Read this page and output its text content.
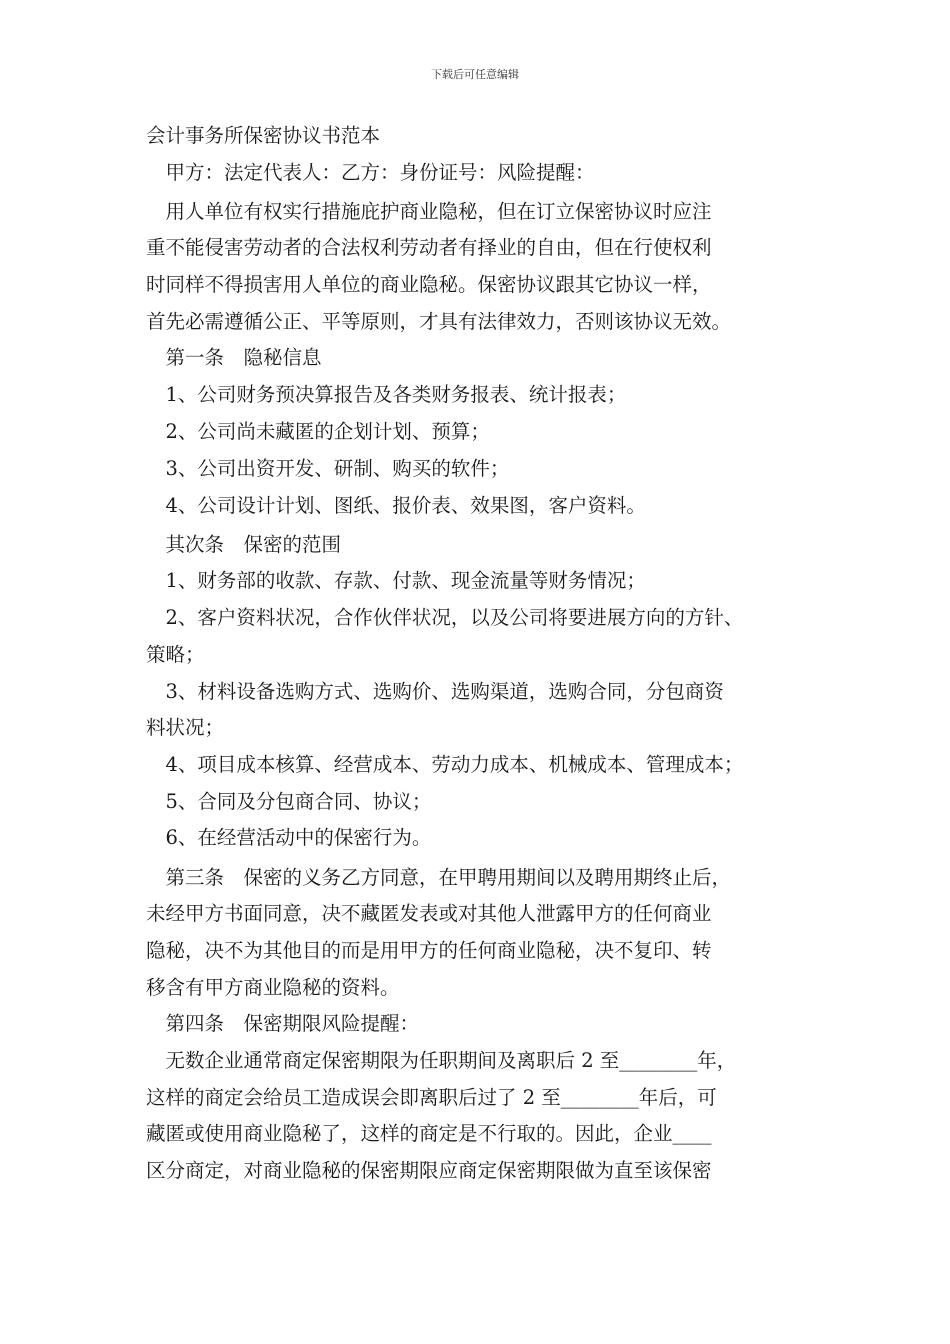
下载后可任意编辑
会计事务所保密协议书范本
　甲方：法定代表人：乙方：身份证号：风险提醒：
　用人单位有权实行措施庇护商业隐秘，但在订立保密协议时应注
重不能侵害劳动者的合法权利劳动者有择业的自由，但在行使权利
时同样不得损害用人单位的商业隐秘。保密协议跟其它协议一样，
首先必需遵循公正、平等原则，才具有法律效力，否则该协议无效。
　第一条　隐秘信息
　1、公司财务预决算报告及各类财务报表、统计报表；
　2、公司尚未藏匿的企划计划、预算；
　3、公司出资开发、研制、购买的软件；
　4、公司设计计划、图纸、报价表、效果图，客户资料。
　其次条　保密的范围
　1、财务部的收款、存款、付款、现金流量等财务情况；
　2、客户资料状况，合作伙伴状况，以及公司将要进展方向的方针、
策略；
　3、材料设备选购方式、选购价、选购渠道，选购合同，分包商资
料状况；
　4、项目成本核算、经营成本、劳动力成本、机械成本、管理成本；
　5、合同及分包商合同、协议；
　6、在经营活动中的保密行为。
　第三条　保密的义务乙方同意，在甲聘用期间以及聘用期终止后，
未经甲方书面同意，决不藏匿发表或对其他人泄露甲方的任何商业
隐秘，决不为其他目的而是用甲方的任何商业隐秘，决不复印、转
移含有甲方商业隐秘的资料。
　第四条　保密期限风险提醒：
　无数企业通常商定保密期限为任职期间及离职后 2 至________年，
这样的商定会给员工造成误会即离职后过了 2 至________年后，可
藏匿或使用商业隐秘了，这样的商定是不行取的。因此，企业____
区分商定，对商业隐秘的保密期限应商定保密期限做为直至该保密
